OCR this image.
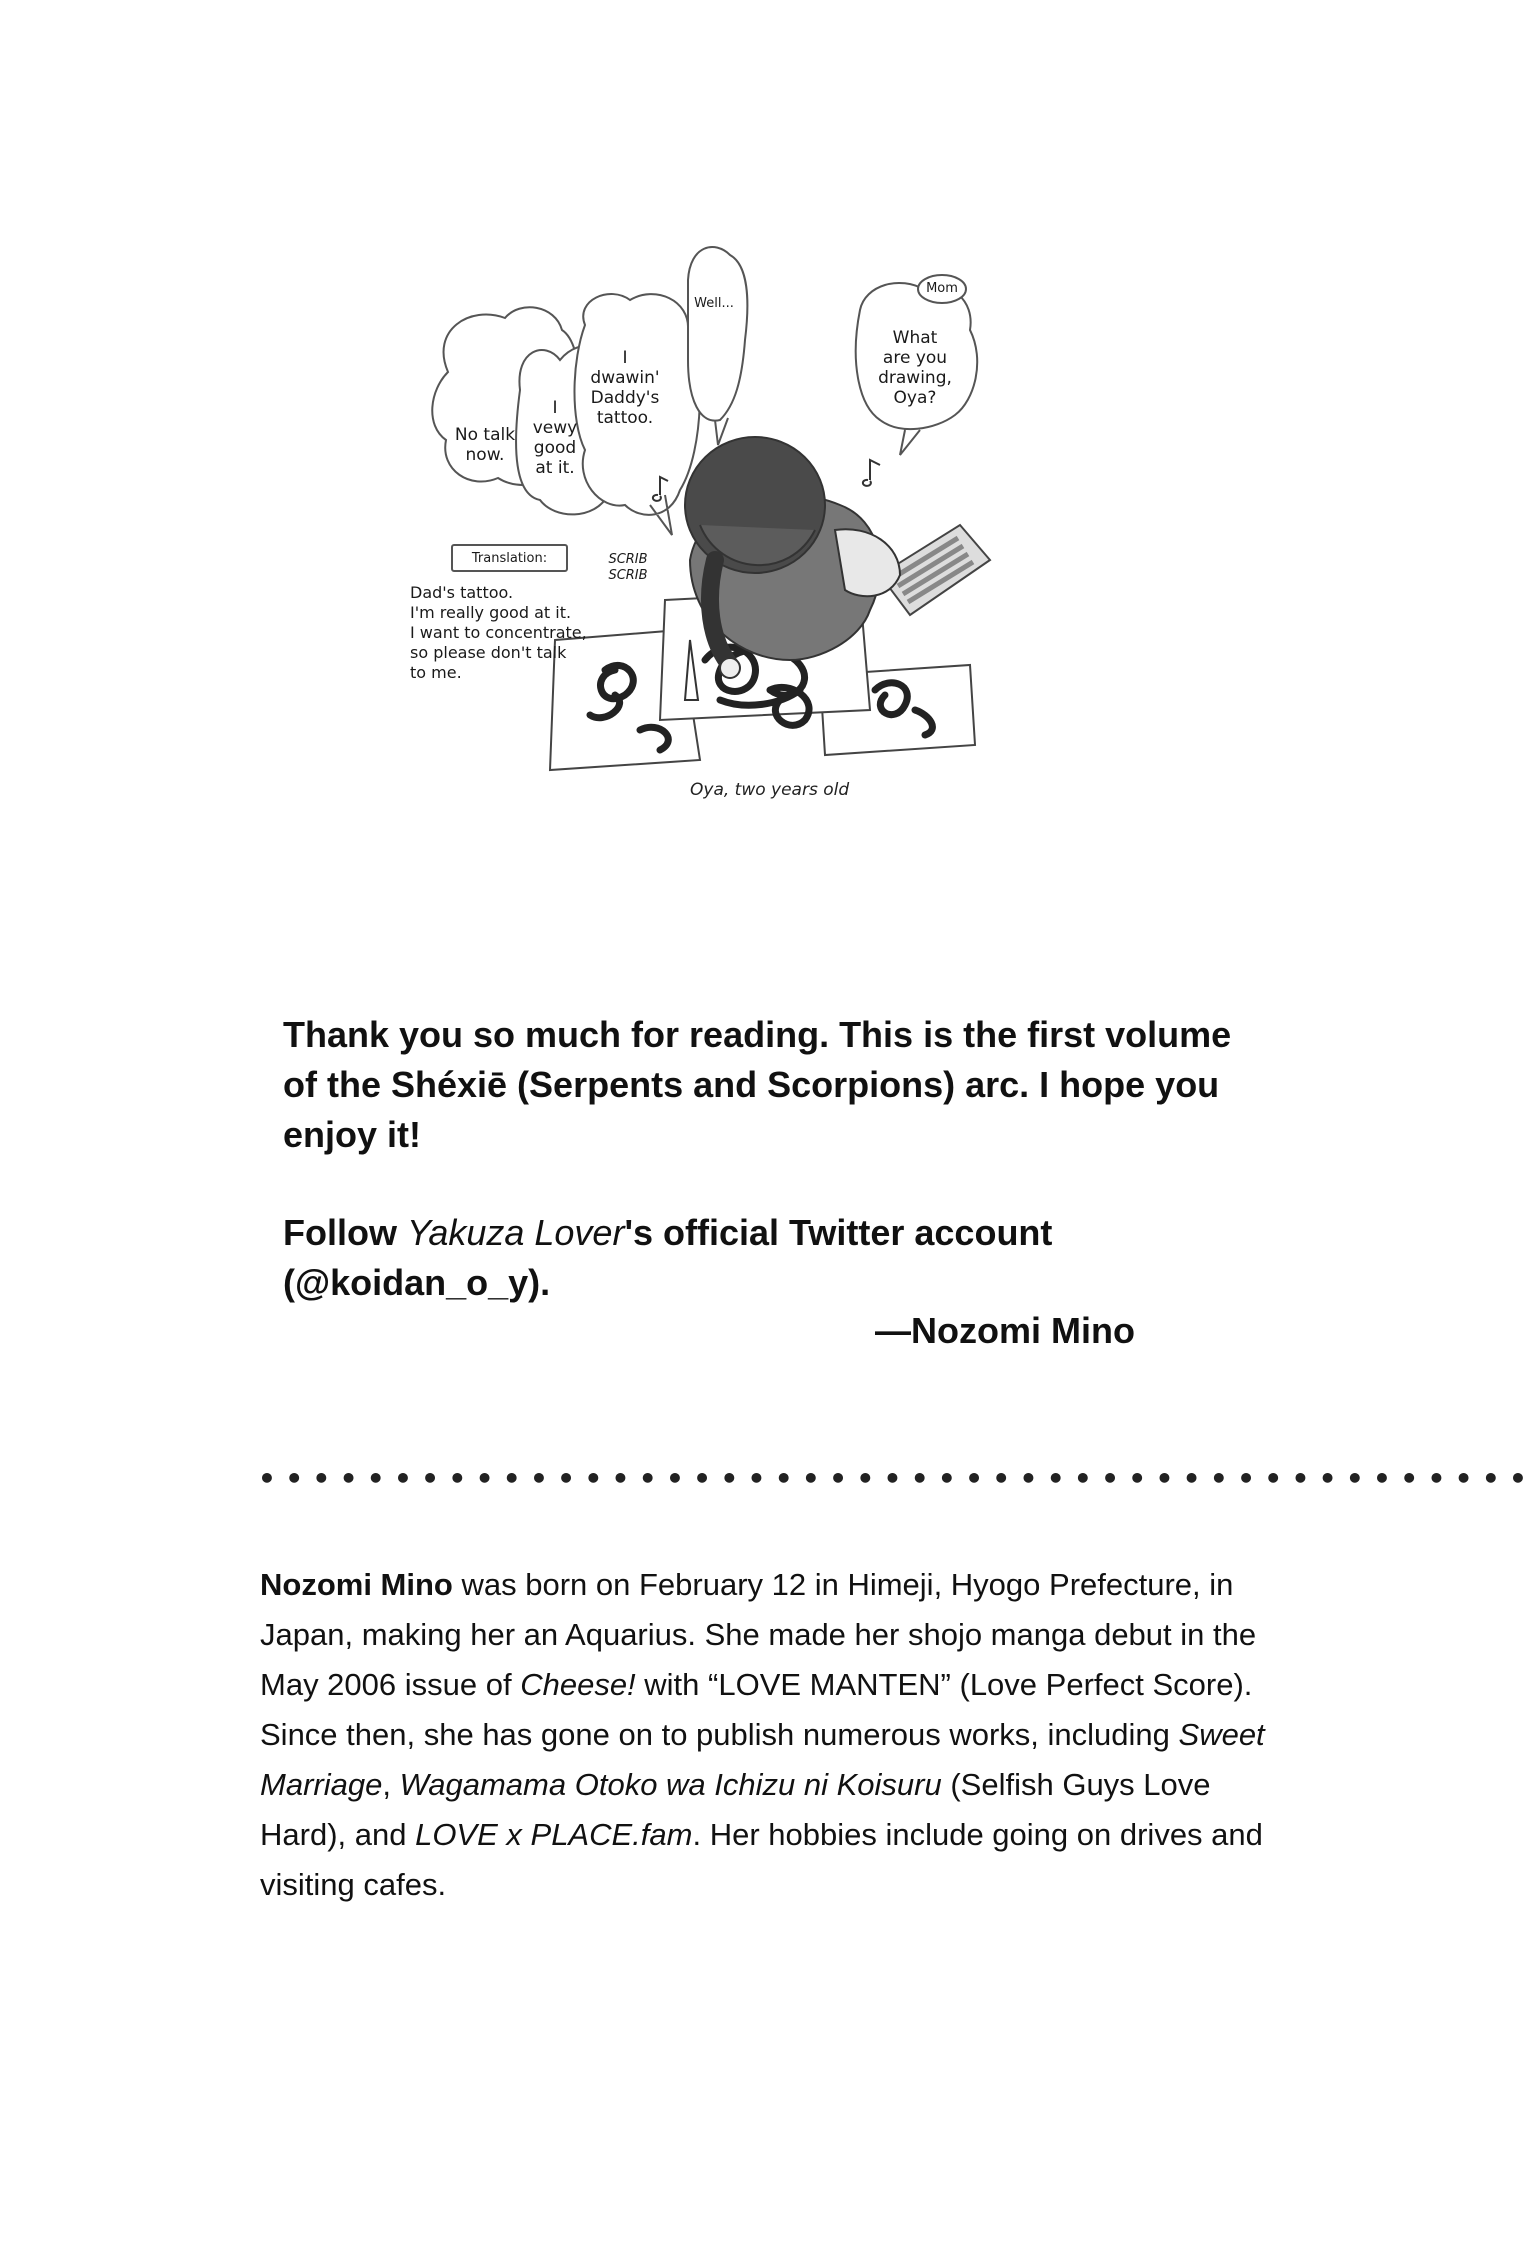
No talk
now.
I
vewy
good
at it.
I
dwawin'
Daddy's
tattoo.
Well...
Mom
What
are you
drawing,
Oya?
Translation:
Dad's tattoo.
I'm really good at it.
I want to concentrate,
so please don't talk
to me.
SCRIB
SCRIB
Oya, two years old

Thank you so much for reading. This is the first volume of the Shéxiē (Serpents and Scorpions) arc. I hope you enjoy it!

Follow Yakuza Lover's official Twitter account (@koidan_o_y).

—Nozomi Mino
•••••••••••••••••••••••••••••••••••••••••••••••
Nozomi Mino was born on February 12 in Himeji, Hyogo Prefecture, in Japan, making her an Aquarius. She made her shojo manga debut in the May 2006 issue of Cheese! with “LOVE MANTEN” (Love Perfect Score). Since then, she has gone on to publish numerous works, including Sweet Marriage, Wagamama Otoko wa Ichizu ni Koisuru (Selfish Guys Love Hard), and LOVE x PLACE.fam. Her hobbies include going on drives and visiting cafes.
